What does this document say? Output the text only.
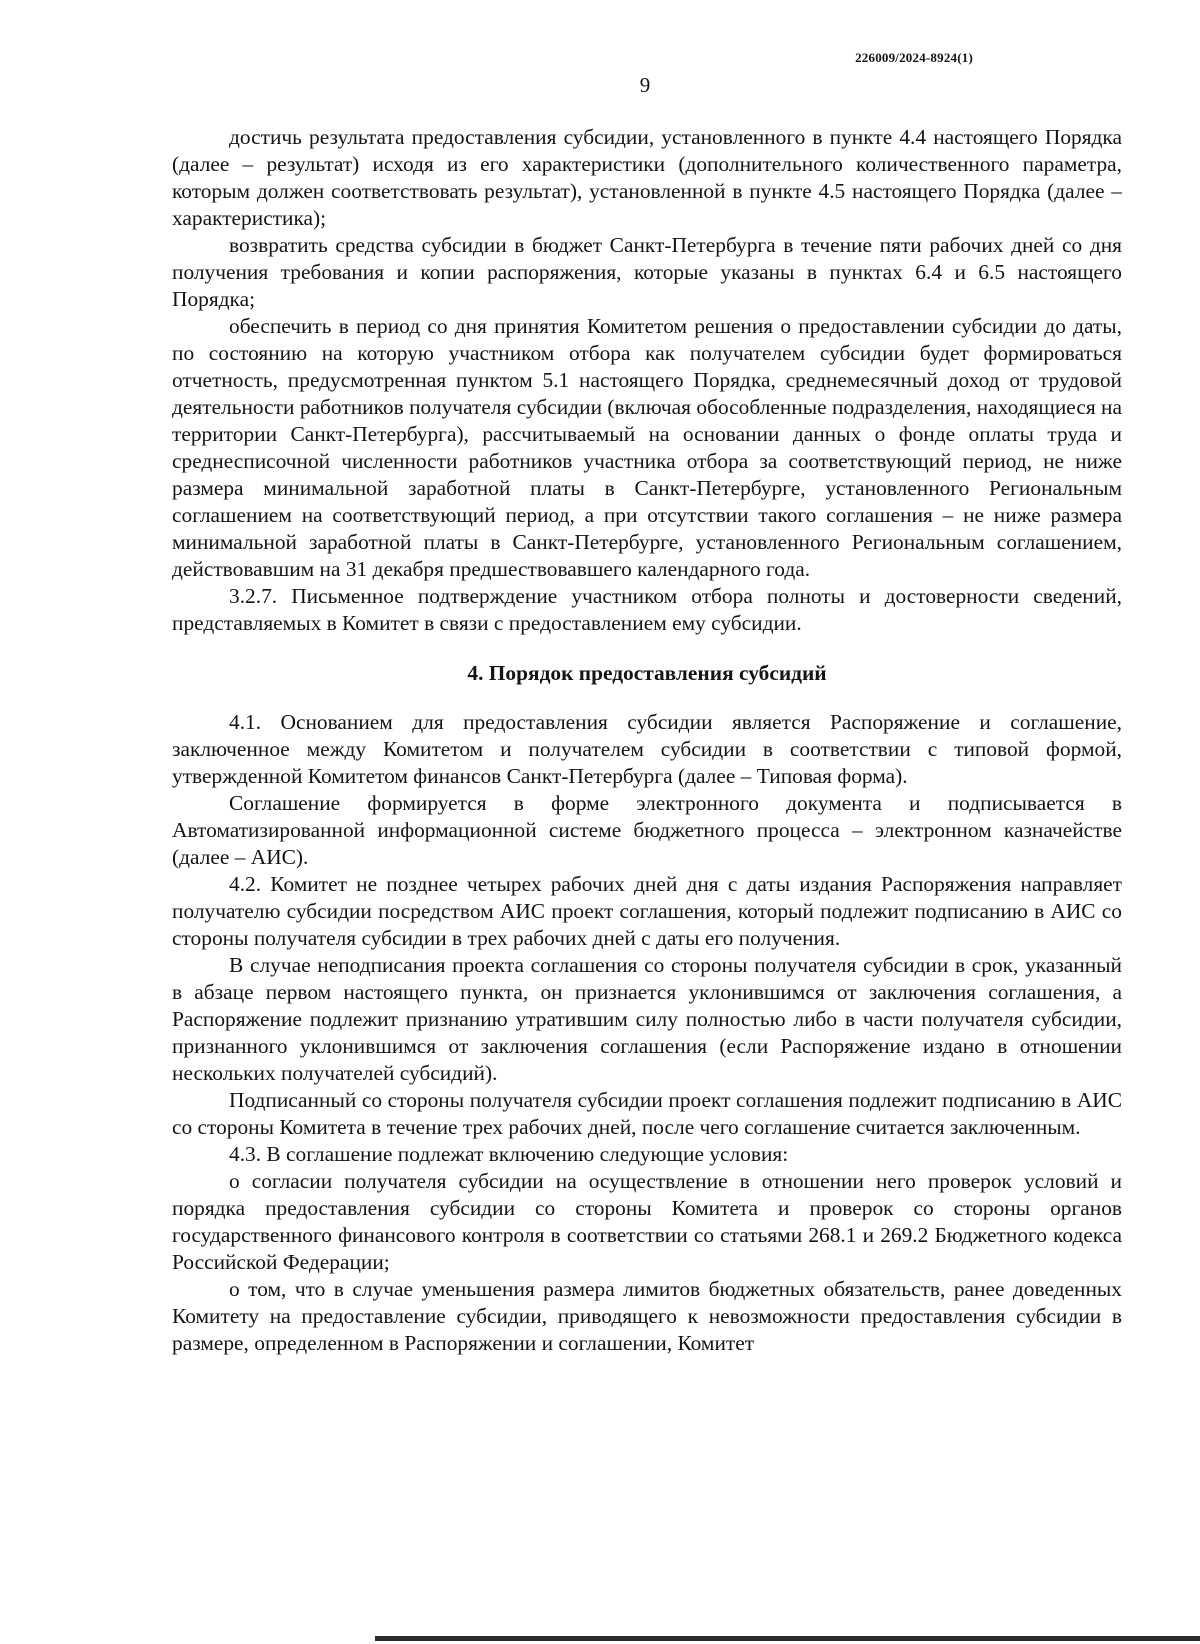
226009/2024-8924(1)
9

достичь результата предоставления субсидии, установленного в пункте 4.4 настоящего Порядка (далее – результат) исходя из его характеристики (дополнительного количественного параметра, которым должен соответствовать результат), установленной в пункте 4.5 настоящего Порядка (далее – характеристика);

возвратить средства субсидии в бюджет Санкт-Петербурга в течение пяти рабочих дней со дня получения требования и копии распоряжения, которые указаны в пунктах 6.4 и 6.5 настоящего Порядка;

обеспечить в период со дня принятия Комитетом решения о предоставлении субсидии до даты, по состоянию на которую участником отбора как получателем субсидии будет формироваться отчетность, предусмотренная пунктом 5.1 настоящего Порядка, среднемесячный доход от трудовой деятельности работников получателя субсидии (включая обособленные подразделения, находящиеся на территории Санкт-Петербурга), рассчитываемый на основании данных о фонде оплаты труда и среднесписочной численности работников участника отбора за соответствующий период, не ниже размера минимальной заработной платы в Санкт-Петербурге, установленного Региональным соглашением на соответствующий период, а при отсутствии такого соглашения – не ниже размера минимальной заработной платы в Санкт-Петербурге, установленного Региональным соглашением, действовавшим на 31 декабря предшествовавшего календарного года.

3.2.7. Письменное подтверждение участником отбора полноты и достоверности сведений, представляемых в Комитет в связи с предоставлением ему субсидии.

4. Порядок предоставления субсидий

4.1. Основанием для предоставления субсидии является Распоряжение и соглашение, заключенное между Комитетом и получателем субсидии в соответствии с типовой формой, утвержденной Комитетом финансов Санкт-Петербурга (далее – Типовая форма).

Соглашение формируется в форме электронного документа и подписывается в Автоматизированной информационной системе бюджетного процесса – электронном казначействе (далее – АИС).

4.2. Комитет не позднее четырех рабочих дней дня с даты издания Распоряжения направляет получателю субсидии посредством АИС проект соглашения, который подлежит подписанию в АИС со стороны получателя субсидии в трех рабочих дней с даты его получения.

В случае неподписания проекта соглашения со стороны получателя субсидии в срок, указанный в абзаце первом настоящего пункта, он признается уклонившимся от заключения соглашения, а Распоряжение подлежит признанию утратившим силу полностью либо в части получателя субсидии, признанного уклонившимся от заключения соглашения (если Распоряжение издано в отношении нескольких получателей субсидий).

Подписанный со стороны получателя субсидии проект соглашения подлежит подписанию в АИС со стороны Комитета в течение трех рабочих дней, после чего соглашение считается заключенным.

4.3. В соглашение подлежат включению следующие условия:

о согласии получателя субсидии на осуществление в отношении него проверок условий и порядка предоставления субсидии со стороны Комитета и проверок со стороны органов государственного финансового контроля в соответствии со статьями 268.1 и 269.2 Бюджетного кодекса Российской Федерации;

о том, что в случае уменьшения размера лимитов бюджетных обязательств, ранее доведенных Комитету на предоставление субсидии, приводящего к невозможности предоставления субсидии в размере, определенном в Распоряжении и соглашении, Комитет
